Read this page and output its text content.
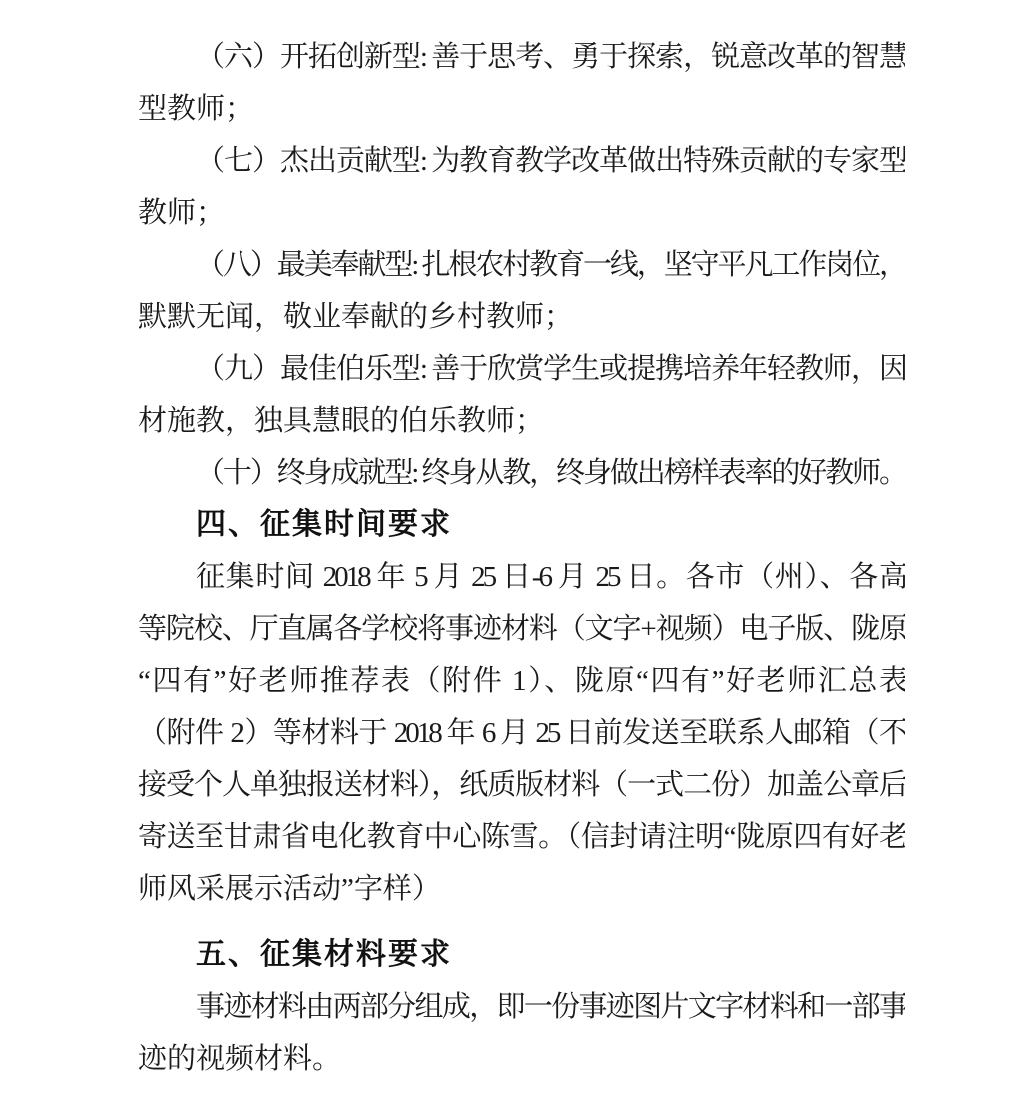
（六）开拓创新型: 善于思考、勇于探索，锐意改革的智慧
型教师；
（七）杰出贡献型: 为教育教学改革做出特殊贡献的专家型
教师；
（八）最美奉献型: 扎根农村教育一线，坚守平凡工作岗位，
默默无闻，敬业奉献的乡村教师；
（九）最佳伯乐型: 善于欣赏学生或提携培养年轻教师，因
材施教，独具慧眼的伯乐教师；
（十）终身成就型: 终身从教，终身做出榜样表率的好教师。
四、征集时间要求
征集时间 2018 年 5 月 25 日-6 月 25 日。各市（州）、各高
等院校、厅直属各学校将事迹材料（文字+视频）电子版、陇原
“四有”好老师推荐表（附件 1）、陇原“四有”好老师汇总表
（附件 2）等材料于 2018 年 6 月 25 日前发送至联系人邮箱（不
接受个人单独报送材料），纸质版材料（一式二份）加盖公章后
寄送至甘肃省电化教育中心陈雪。（信封请注明“陇原四有好老
师风采展示活动”字样）
五、征集材料要求
事迹材料由两部分组成，即一份事迹图片文字材料和一部事
迹的视频材料。
